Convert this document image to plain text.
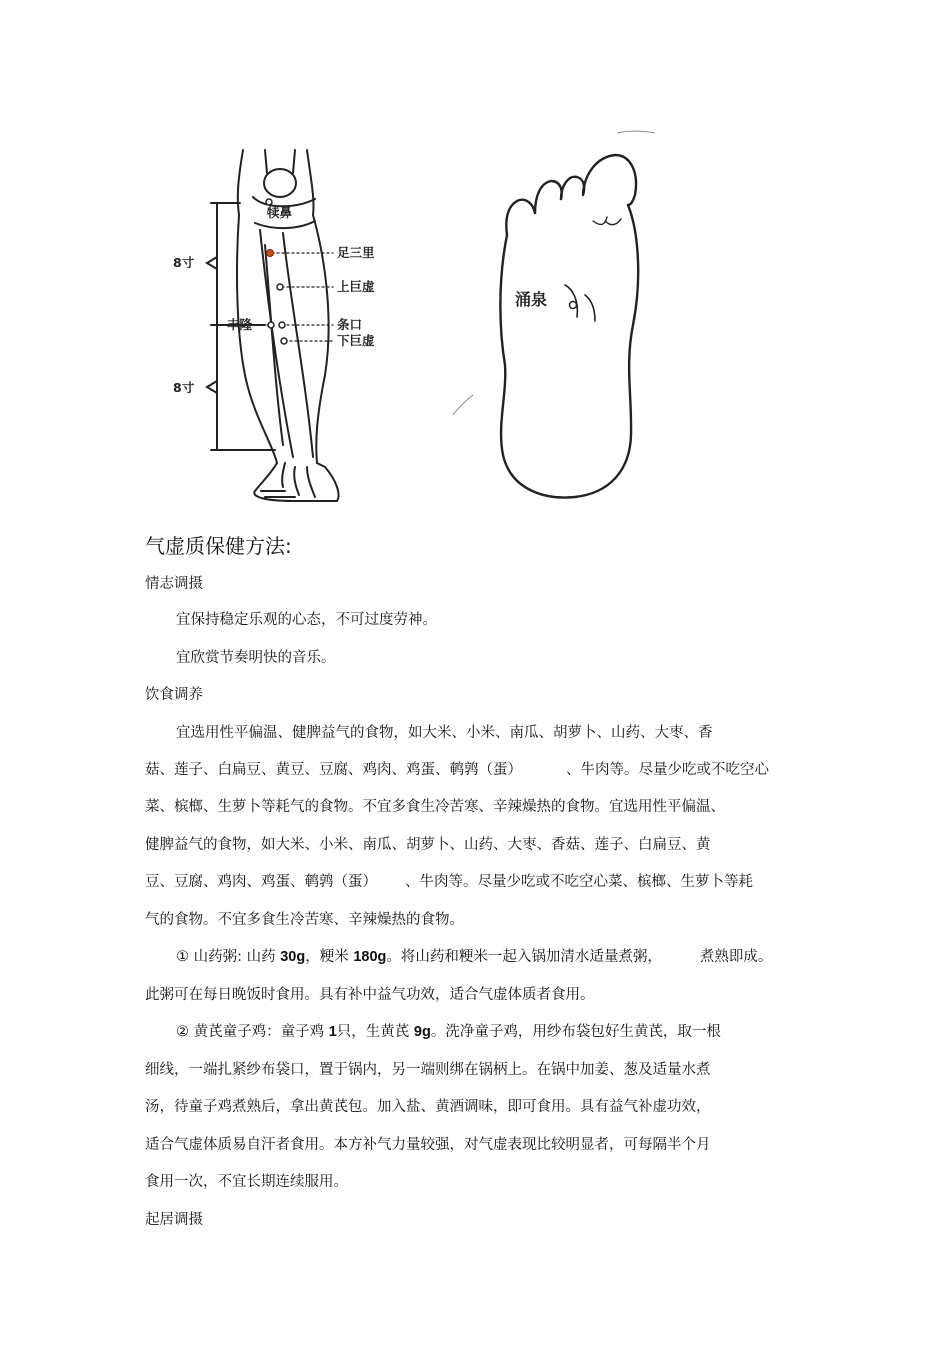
犊鼻
足三里
上巨虚
丰隆	条口
下巨虚
8寸
8寸
涌泉
气虚质保健方法:
情志调摄
宜保持稳定乐观的心态，不可过度劳神。
宜欣赏节奏明快的音乐。
饮食调养
宜选用性平偏温、健脾益气的食物，如大米、小米、南瓜、胡萝卜、山药、大枣、香
菇、莲子、白扁豆、黄豆、豆腐、鸡肉、鸡蛋、鹌鹑（蛋）	、牛肉等。尽量少吃或不吃空心
菜、槟榔、生萝卜等耗气的食物。不宜多食生冷苦寒、辛辣燥热的食物。宜选用性平偏温、
健脾益气的食物，如大米、小米、南瓜、胡萝卜、山药、大枣、香菇、莲子、白扁豆、黄
豆、豆腐、鸡肉、鸡蛋、鹌鹑（蛋） 、牛肉等。尽量少吃或不吃空心菜、槟榔、生萝卜等耗
气的食物。不宜多食生冷苦寒、辛辣燥热的食物。
① 山药粥: 山药 30g，粳米 180g。将山药和粳米一起入锅加清水适量煮粥，	煮熟即成。
此粥可在每日晚饭时食用。具有补中益气功效，适合气虚体质者食用。
② 黄芪童子鸡：童子鸡 1只，生黄芪 9g。洗净童子鸡，用纱布袋包好生黄芪，取一根
细线，一端扎紧纱布袋口，置于锅内，另一端则绑在锅柄上。在锅中加姜、葱及适量水煮
汤，待童子鸡煮熟后，拿出黄芪包。加入盐、黄酒调味，即可食用。具有益气补虚功效，
适合气虚体质易自汗者食用。本方补气力量较强，对气虚表现比较明显者，可每隔半个月
食用一次，不宜长期连续服用。
起居调摄
